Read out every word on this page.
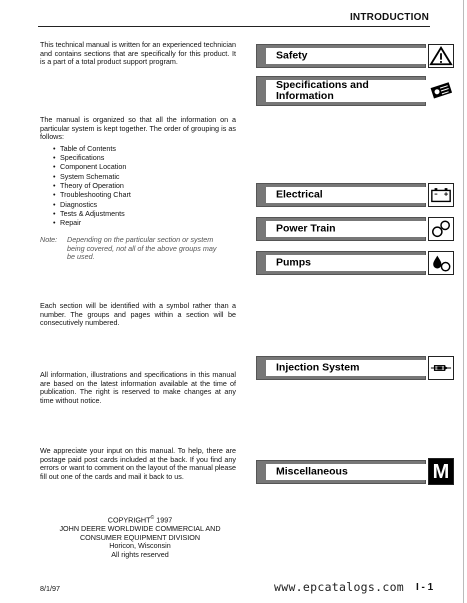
INTRODUCTION
This technical manual is written for an experienced technician and contains sections that are specifically for this product. It is a part of a total product support program.
The manual is organized so that all the information on a particular system is kept together. The order of grouping is as follows:
• Table of Contents
• Specifications
• Component Location
• System Schematic
• Theory of Operation
• Troubleshooting Chart
• Diagnostics
• Tests & Adjustments
• Repair
Note: Depending on the particular section or system
being covered, not all of the above groups may
be used.
Each section will be identified with a symbol rather than a number. The groups and pages within a section will be consecutively numbered.
All information, illustrations and specifications in this manual are based on the latest information available at the time of publication. The right is reserved to make changes at any time without notice.
We appreciate your input on this manual. To help, there are postage paid post cards included at the back. If you find any errors or want to comment on the layout of the manual please fill out one of the cards and mail it back to us.
COPYRIGHT© 1997
JOHN DEERE WORLDWIDE COMMERCIAL AND
CONSUMER EQUIPMENT DIVISION
Horicon, Wisconsin
All rights reserved
Safety
Specifications and
Information
Electrical
Power Train
Pumps
Injection System
Miscellaneous	M
8/1/97	www.epcatalogs.com I - 1
